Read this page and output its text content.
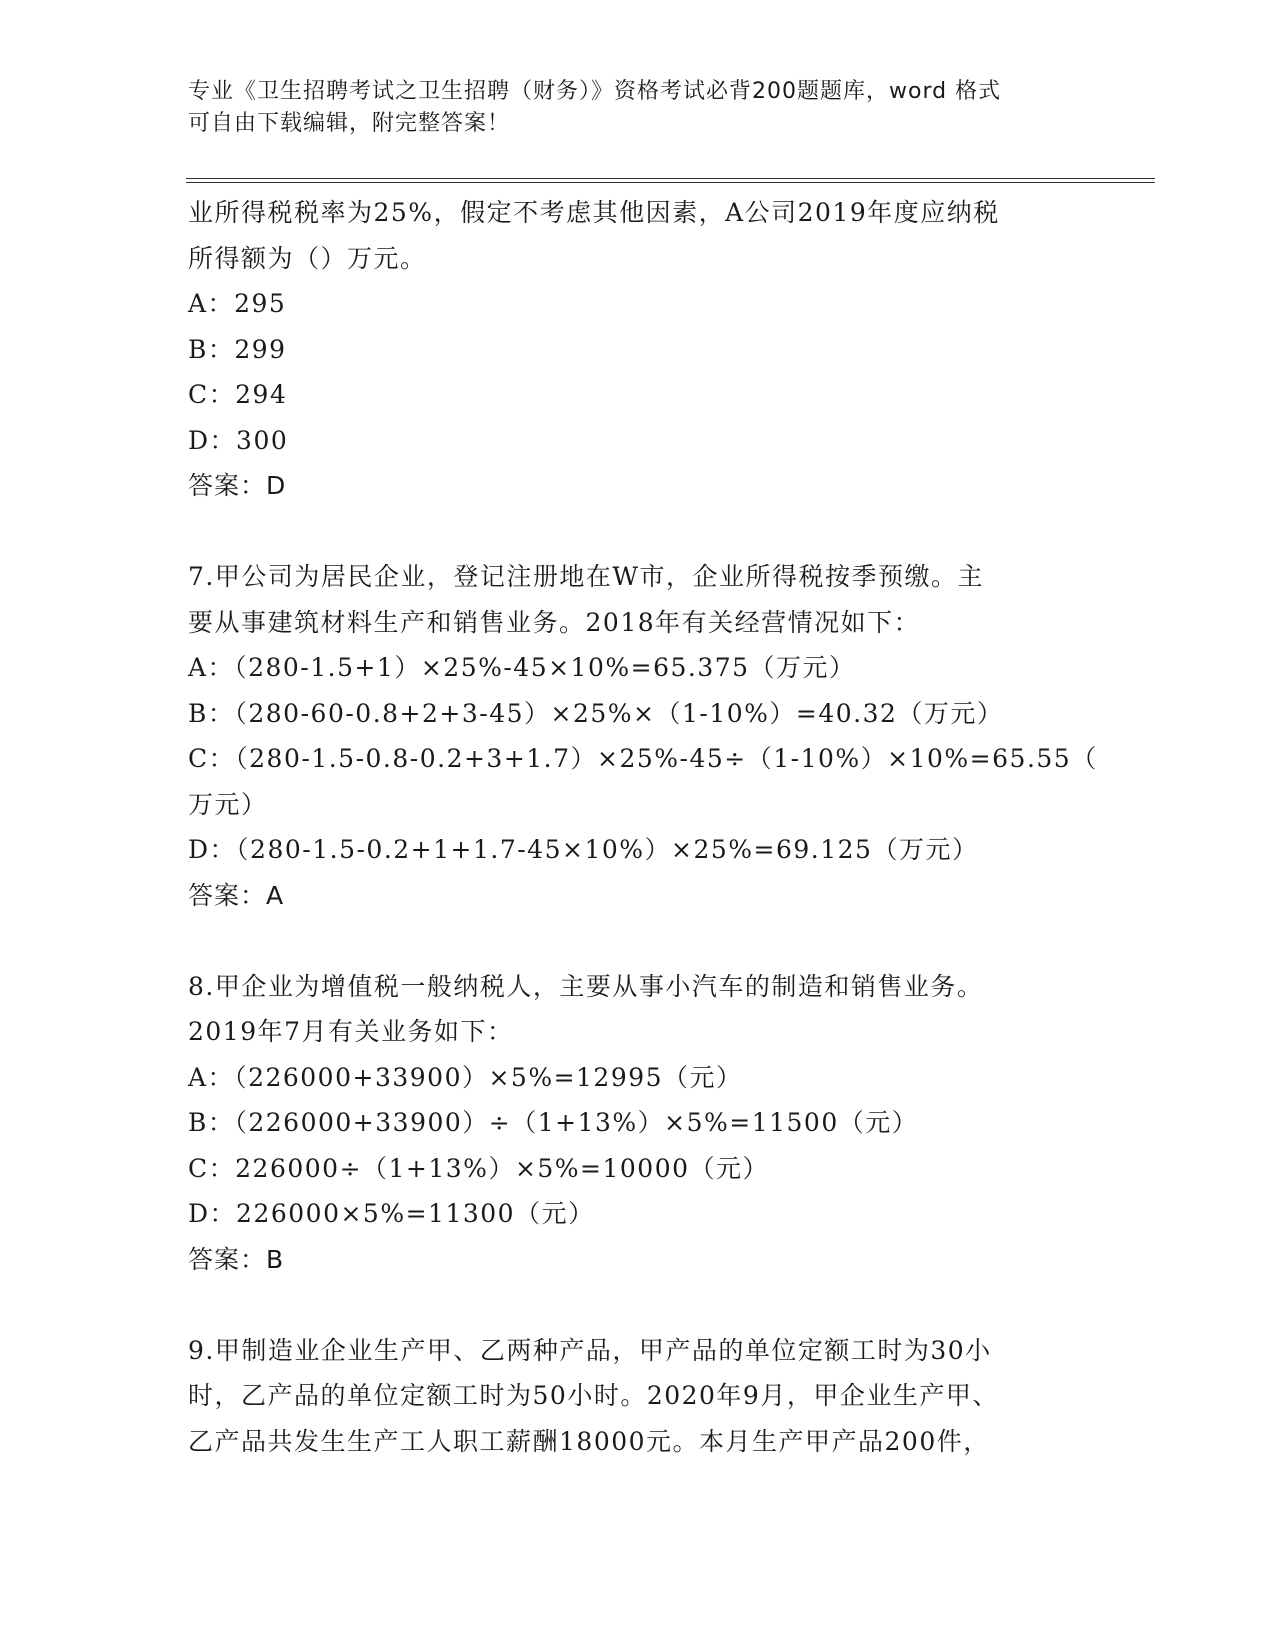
专业《卫生招聘考试之卫生招聘（财务）》资格考试必背200题题库，word 格式
可自由下载编辑，附完整答案！
业所得税税率为25%，假定不考虑其他因素，A公司2019年度应纳税
所得额为（）万元。
A：295
B：299
C：294
D：300
答案：D
7.甲公司为居民企业，登记注册地在W市，企业所得税按季预缴。主
要从事建筑材料生产和销售业务。2018年有关经营情况如下：
A：（280-1.5+1）×25%-45×10%=65.375（万元）
B：（280-60-0.8+2+3-45）×25%×（1-10%）=40.32（万元）
C：（280-1.5-0.8-0.2+3+1.7）×25%-45÷（1-10%）×10%=65.55（
万元）
D：（280-1.5-0.2+1+1.7-45×10%）×25%=69.125（万元）
答案：A
8.甲企业为增值税一般纳税人，主要从事小汽车的制造和销售业务。
2019年7月有关业务如下：
A：（226000+33900）×5%=12995（元）
B：（226000+33900）÷（1+13%）×5%=11500（元）
C：226000÷（1+13%）×5%=10000（元）
D：226000×5%=11300（元）
答案：B
9.甲制造业企业生产甲、乙两种产品，甲产品的单位定额工时为30小
时，乙产品的单位定额工时为50小时。2020年9月，甲企业生产甲、
乙产品共发生生产工人职工薪酬18000元。本月生产甲产品200件，
